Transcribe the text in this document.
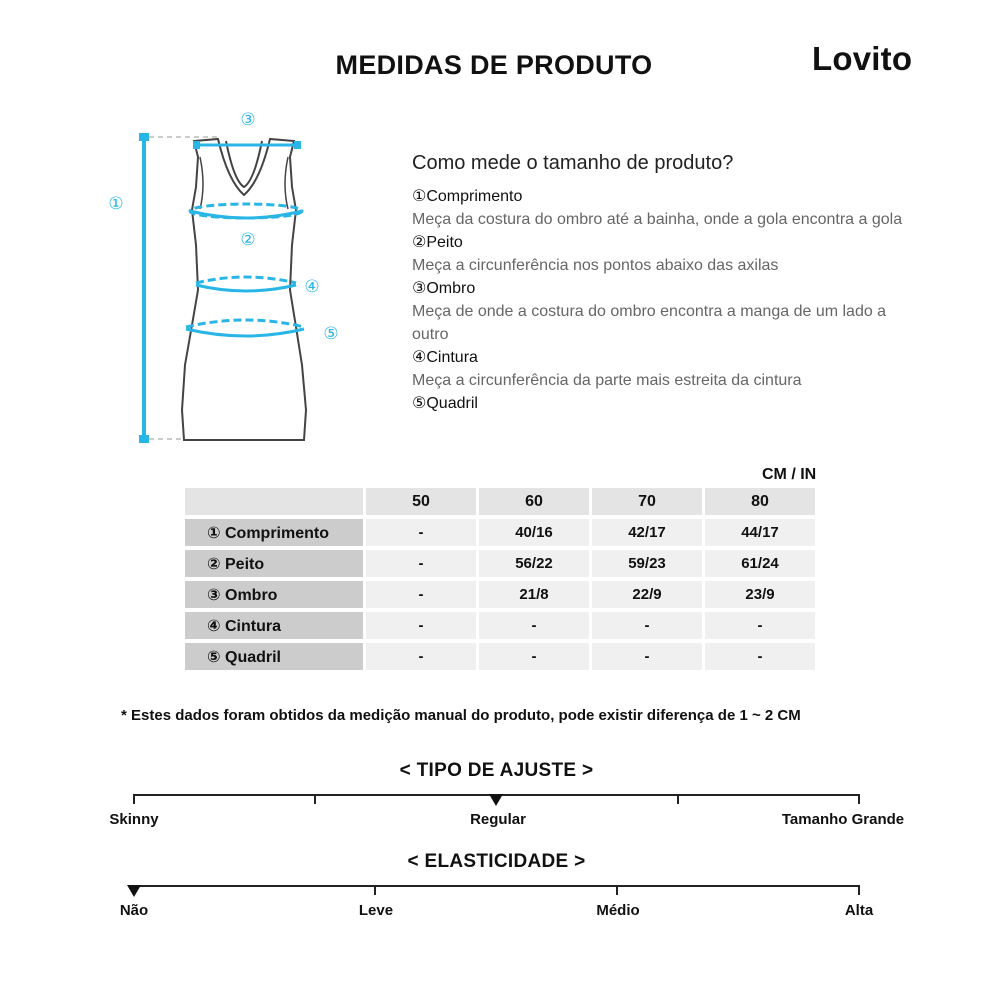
MEDIDAS DE PRODUTO	Lovito
①
②
③
④
⑤
Como mede o tamanho de produto?
①Comprimento
Meça da costura do ombro até a bainha, onde a gola encontra a gola
②Peito
Meça a circunferência nos pontos abaixo das axilas
③Ombro
Meça de onde a costura do ombro encontra a manga de um lado a outro
④Cintura
Meça a circunferência da parte mais estreita da cintura
⑤Quadril
CM / IN
	50	60	70	80
① Comprimento	-	40/16	42/17	44/17
② Peito	-	56/22	59/23	61/24
③ Ombro	-	21/8	22/9	23/9
④ Cintura	-	-	-	-
⑤ Quadril	-	-	-	-
* Estes dados foram obtidos da medição manual do produto, pode existir diferença de 1 ~ 2 CM
< TIPO DE AJUSTE >
Skinny	Regular	Tamanho Grande
< ELASTICIDADE >
Não	Leve	Médio	Alta
